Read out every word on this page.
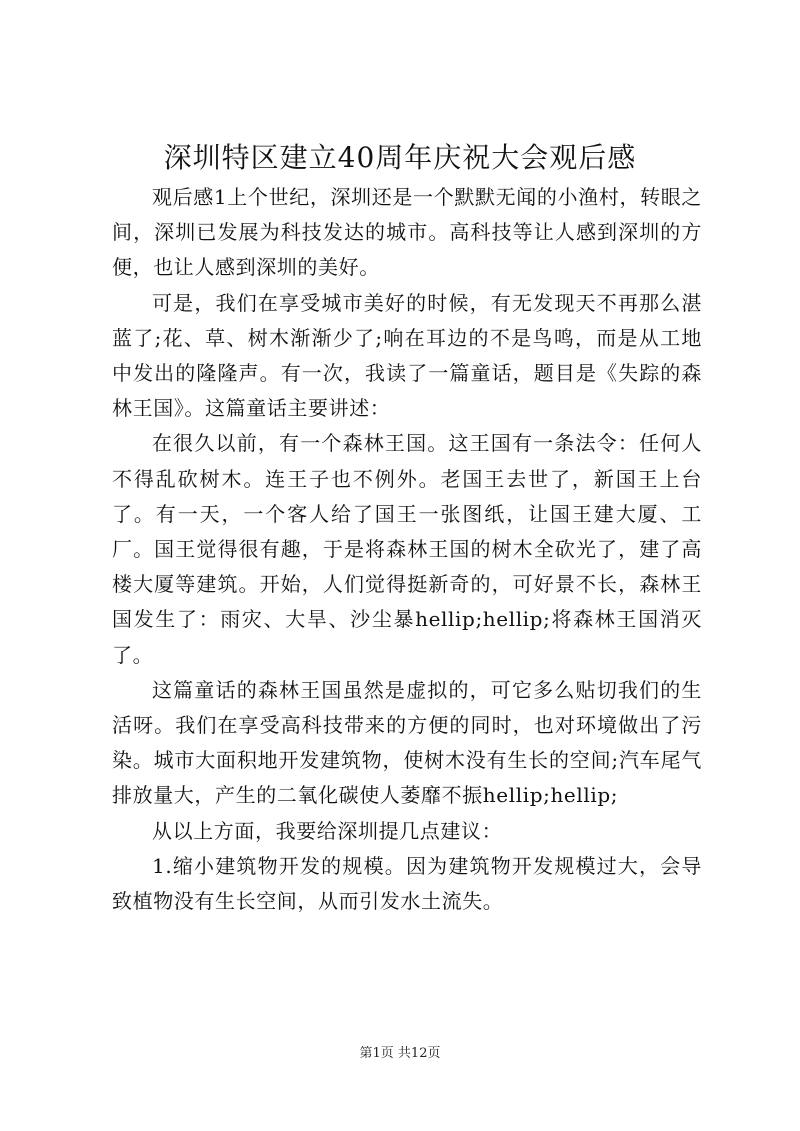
深圳特区建立40周年庆祝大会观后感

观后感1上个世纪，深圳还是一个默默无闻的小渔村，转眼之间，深圳已发展为科技发达的城市。高科技等让人感到深圳的方便，也让人感到深圳的美好。

可是，我们在享受城市美好的时候，有无发现天不再那么湛蓝了;花、草、树木渐渐少了;响在耳边的不是鸟鸣，而是从工地中发出的隆隆声。有一次，我读了一篇童话，题目是《失踪的森林王国》。这篇童话主要讲述：

在很久以前，有一个森林王国。这王国有一条法令：任何人不得乱砍树木。连王子也不例外。老国王去世了，新国王上台了。有一天，一个客人给了国王一张图纸，让国王建大厦、工厂。国王觉得很有趣，于是将森林王国的树木全砍光了，建了高楼大厦等建筑。开始，人们觉得挺新奇的，可好景不长，森林王国发生了：雨灾、大旱、沙尘暴hellip;hellip;将森林王国消灭了。

这篇童话的森林王国虽然是虚拟的，可它多么贴切我们的生活呀。我们在享受高科技带来的方便的同时，也对环境做出了污染。城市大面积地开发建筑物，使树木没有生长的空间;汽车尾气排放量大，产生的二氧化碳使人萎靡不振hellip;hellip;

从以上方面，我要给深圳提几点建议：

1.缩小建筑物开发的规模。因为建筑物开发规模过大，会导致植物没有生长空间，从而引发水土流失。

第1页 共12页
